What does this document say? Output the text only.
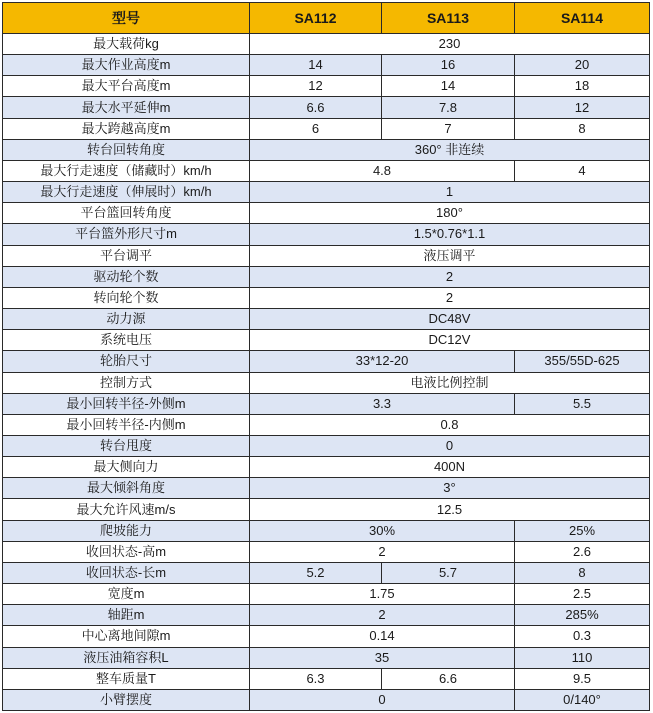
型号	SA112	SA113	SA114
最大载荷kg	230		
最大作业高度m	14	16	20
最大平台高度m	12	14	18
最大水平延伸m	6.6	7.8	12
最大跨越高度m	6	7	8
转台回转角度	360° 非连续		
最大行走速度（储藏时）km/h	4.8		4
最大行走速度（伸展时）km/h	1		
平台篮回转角度	180°		
平台篮外形尺寸m	1.5*0.76*1.1		
平台调平	液压调平		
驱动轮个数	2		
转向轮个数	2		
动力源	DC48V		
系统电压	DC12V		
轮胎尺寸	33*12-20		355/55D-625
控制方式	电液比例控制		
最小回转半径-外侧m	3.3		5.5
最小回转半径-内侧m	0.8		
转台甩度	0		
最大侧向力	400N		
最大倾斜角度	3°		
最大允许风速m/s	12.5		
爬坡能力	30%		25%
收回状态-高m	2		2.6
收回状态-长m	5.2	5.7	8
宽度m	1.75		2.5
轴距m	2		285%
中心离地间隙m	0.14		0.3
液压油箱容积L	35		110
整车质量T	6.3	6.6	9.5
小臂摆度	0		0/140°
